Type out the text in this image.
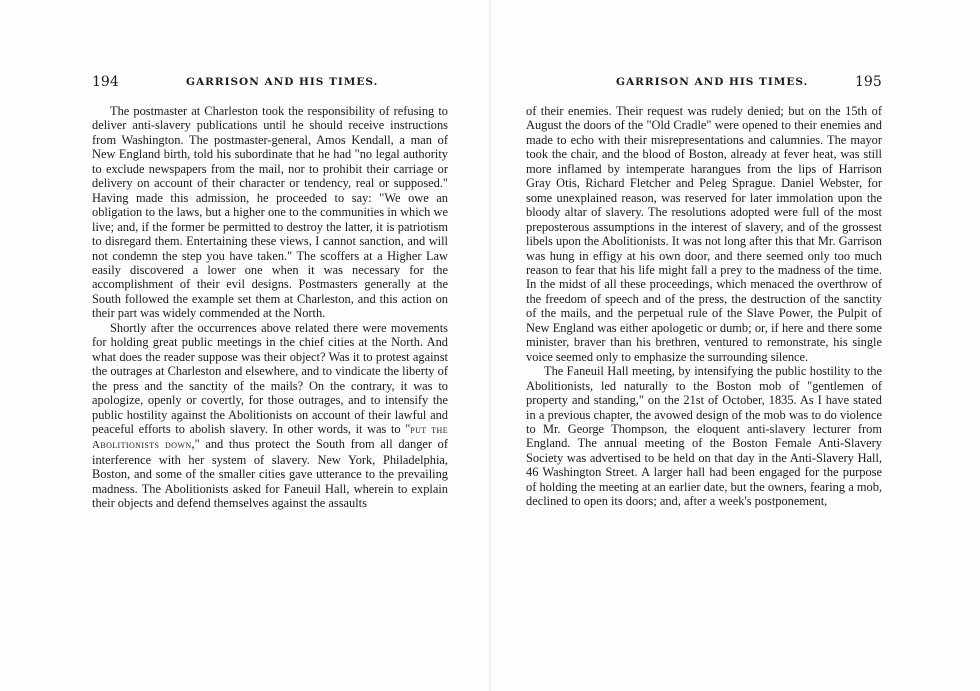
194	GARRISON AND HIS TIMES.

The postmaster at Charleston took the responsibility of refusing to deliver anti-slavery publications until he should receive instructions from Washington. The postmaster-general, Amos Kendall, a man of New England birth, told his subordinate that he had "no legal authority to exclude newspapers from the mail, nor to prohibit their carriage or delivery on account of their character or tendency, real or supposed." Having made this admission, he proceeded to say: "We owe an obligation to the laws, but a higher one to the communities in which we live; and, if the former be permitted to destroy the latter, it is patriotism to disregard them. Entertaining these views, I cannot sanction, and will not condemn the step you have taken." The scoffers at a Higher Law easily discovered a lower one when it was necessary for the accomplishment of their evil designs. Postmasters generally at the South followed the example set them at Charleston, and this action on their part was widely commended at the North.

Shortly after the occurrences above related there were movements for holding great public meetings in the chief cities at the North. And what does the reader suppose was their object? Was it to protest against the outrages at Charleston and elsewhere, and to vindicate the liberty of the press and the sanctity of the mails? On the contrary, it was to apologize, openly or covertly, for those outrages, and to intensify the public hostility against the Abolitionists on account of their lawful and peaceful efforts to abolish slavery. In other words, it was to "put the Abolitionists down," and thus protect the South from all danger of interference with her system of slavery. New York, Philadelphia, Boston, and some of the smaller cities gave utterance to the prevailing madness. The Abolitionists asked for Faneuil Hall, wherein to explain their objects and defend themselves against the assaults

GARRISON AND HIS TIMES.	195

of their enemies. Their request was rudely denied; but on the 15th of August the doors of the "Old Cradle" were opened to their enemies and made to echo with their misrepresentations and calumnies. The mayor took the chair, and the blood of Boston, already at fever heat, was still more inflamed by intemperate harangues from the lips of Harrison Gray Otis, Richard Fletcher and Peleg Sprague. Daniel Webster, for some unexplained reason, was reserved for later immolation upon the bloody altar of slavery. The resolutions adopted were full of the most preposterous assumptions in the interest of slavery, and of the grossest libels upon the Abolitionists. It was not long after this that Mr. Garrison was hung in effigy at his own door, and there seemed only too much reason to fear that his life might fall a prey to the madness of the time. In the midst of all these proceedings, which menaced the overthrow of the freedom of speech and of the press, the destruction of the sanctity of the mails, and the perpetual rule of the Slave Power, the Pulpit of New England was either apologetic or dumb; or, if here and there some minister, braver than his brethren, ventured to remonstrate, his single voice seemed only to emphasize the surrounding silence.

The Faneuil Hall meeting, by intensifying the public hostility to the Abolitionists, led naturally to the Boston mob of "gentlemen of property and standing," on the 21st of October, 1835. As I have stated in a previous chapter, the avowed design of the mob was to do violence to Mr. George Thompson, the eloquent anti-slavery lecturer from England. The annual meeting of the Boston Female Anti-Slavery Society was advertised to be held on that day in the Anti-Slavery Hall, 46 Washington Street. A larger hall had been engaged for the purpose of holding the meeting at an earlier date, but the owners, fearing a mob, declined to open its doors; and, after a week's postponement,
